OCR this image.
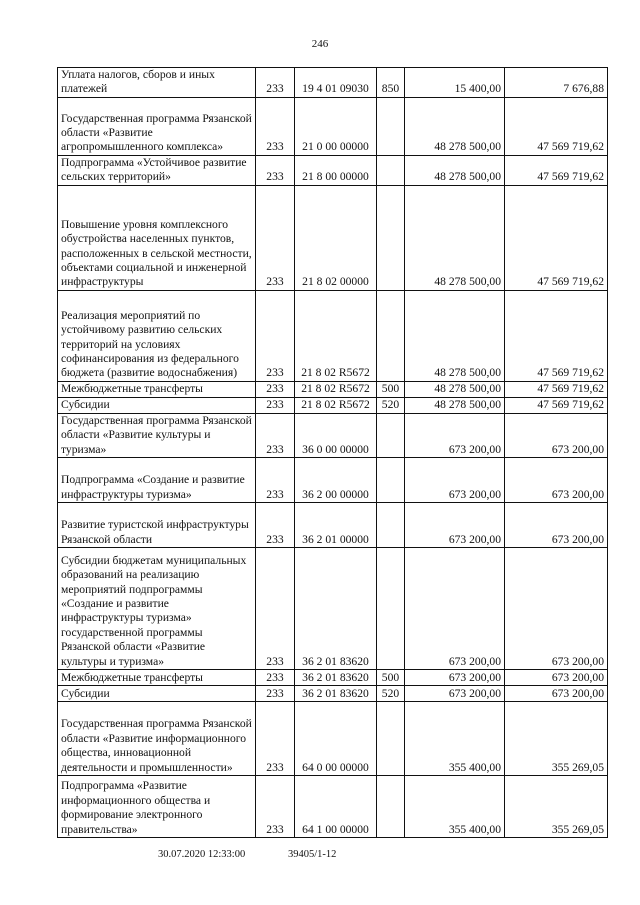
246
Уплата налогов, сборов и иных платежей	233	19 4 01 09030	850	15 400,00	7 676,88
Государственная программа Рязанской области «Развитие агропромышленного комплекса»	233	21 0 00 00000		48 278 500,00	47 569 719,62
Подпрограмма «Устойчивое развитие сельских территорий»	233	21 8 00 00000		48 278 500,00	47 569 719,62
Повышение уровня комплексного обустройства населенных пунктов, расположенных в сельской местности, объектами социальной и инженерной инфраструктуры	233	21 8 02 00000		48 278 500,00	47 569 719,62
Реализация мероприятий по устойчивому развитию сельских территорий на условиях софинансирования из федерального бюджета (развитие водоснабжения)	233	21 8 02 R5672		48 278 500,00	47 569 719,62
Межбюджетные трансферты	233	21 8 02 R5672	500	48 278 500,00	47 569 719,62
Субсидии	233	21 8 02 R5672	520	48 278 500,00	47 569 719,62
Государственная программа Рязанской области «Развитие культуры и туризма»	233	36 0 00 00000		673 200,00	673 200,00
Подпрограмма «Создание и развитие инфраструктуры туризма»	233	36 2 00 00000		673 200,00	673 200,00
Развитие туристской инфраструктуры Рязанской области	233	36 2 01 00000		673 200,00	673 200,00
Субсидии бюджетам муниципальных образований на реализацию мероприятий подпрограммы «Создание и развитие инфраструктуры туризма» государственной программы Рязанской области «Развитие культуры и туризма»	233	36 2 01 83620		673 200,00	673 200,00
Межбюджетные трансферты	233	36 2 01 83620	500	673 200,00	673 200,00
Субсидии	233	36 2 01 83620	520	673 200,00	673 200,00
Государственная программа Рязанской области «Развитие информационного общества, инновационной деятельности и промышленности»	233	64 0 00 00000		355 400,00	355 269,05
Подпрограмма «Развитие информационного общества и формирование электронного правительства»	233	64 1 00 00000		355 400,00	355 269,05
30.07.2020 12:33:00	39405/1-12
